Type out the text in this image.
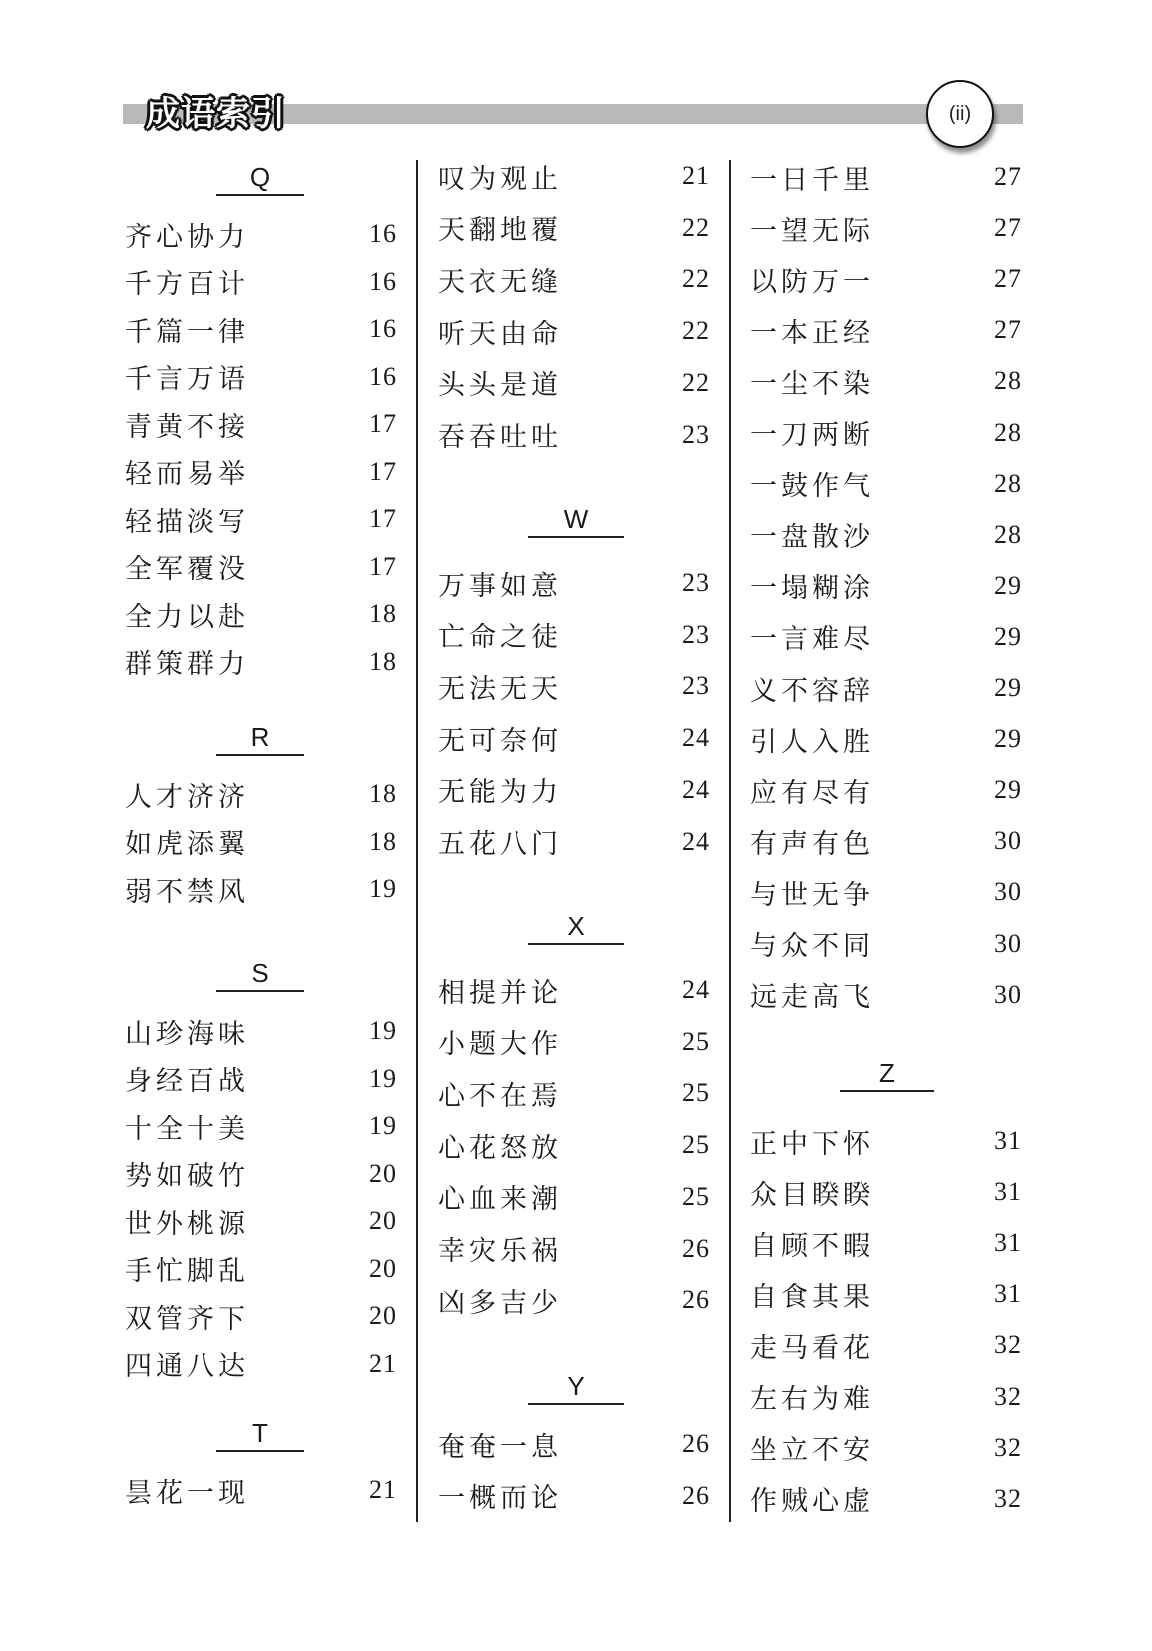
成语索引	(ii)
Q
齐心协力	16
千方百计	16
千篇一律	16
千言万语	16
青黄不接	17
轻而易举	17
轻描淡写	17
全军覆没	17
全力以赴	18
群策群力	18
R
人才济济	18
如虎添翼	18
弱不禁风	19
S
山珍海味	19
身经百战	19
十全十美	19
势如破竹	20
世外桃源	20
手忙脚乱	20
双管齐下	20
四通八达	21
T
昙花一现	21
叹为观止	21
天翻地覆	22
天衣无缝	22
听天由命	22
头头是道	22
吞吞吐吐	23
W
万事如意	23
亡命之徒	23
无法无天	23
无可奈何	24
无能为力	24
五花八门	24
X
相提并论	24
小题大作	25
心不在焉	25
心花怒放	25
心血来潮	25
幸灾乐祸	26
凶多吉少	26
Y
奄奄一息	26
一概而论	26
一日千里	27
一望无际	27
以防万一	27
一本正经	27
一尘不染	28
一刀两断	28
一鼓作气	28
一盘散沙	28
一塌糊涂	29
一言难尽	29
义不容辞	29
引人入胜	29
应有尽有	29
有声有色	30
与世无争	30
与众不同	30
远走高飞	30
Z
正中下怀	31
众目睽睽	31
自顾不暇	31
自食其果	31
走马看花	32
左右为难	32
坐立不安	32
作贼心虚	32
